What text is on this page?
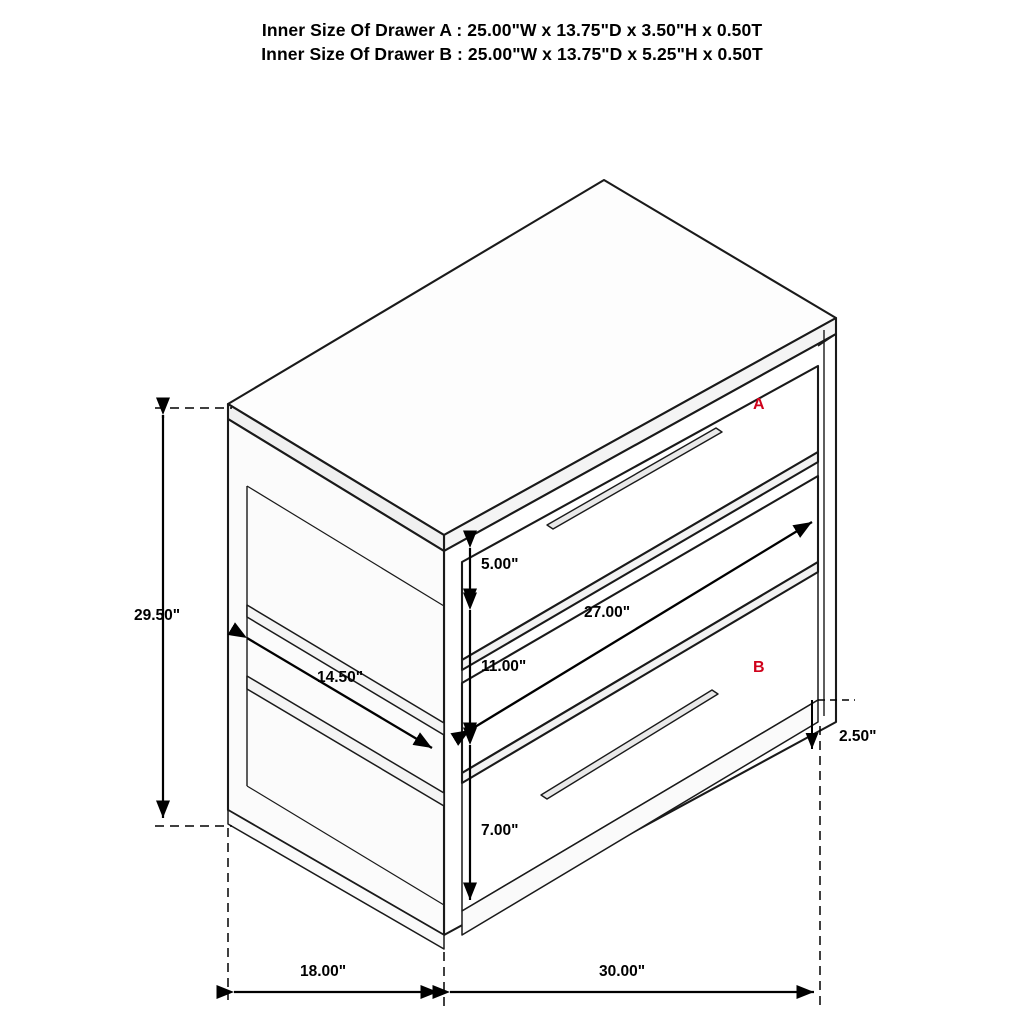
Inner Size Of Drawer A : 25.00"W x 13.75"D x 3.50"H x 0.50T
Inner Size Of Drawer B : 25.00"W x 13.75"D x 5.25"H x 0.50T
29.50"
18.00"	30.00"
2.50"
5.00"
11.00"
7.00"
27.00"
14.50"
A
B
